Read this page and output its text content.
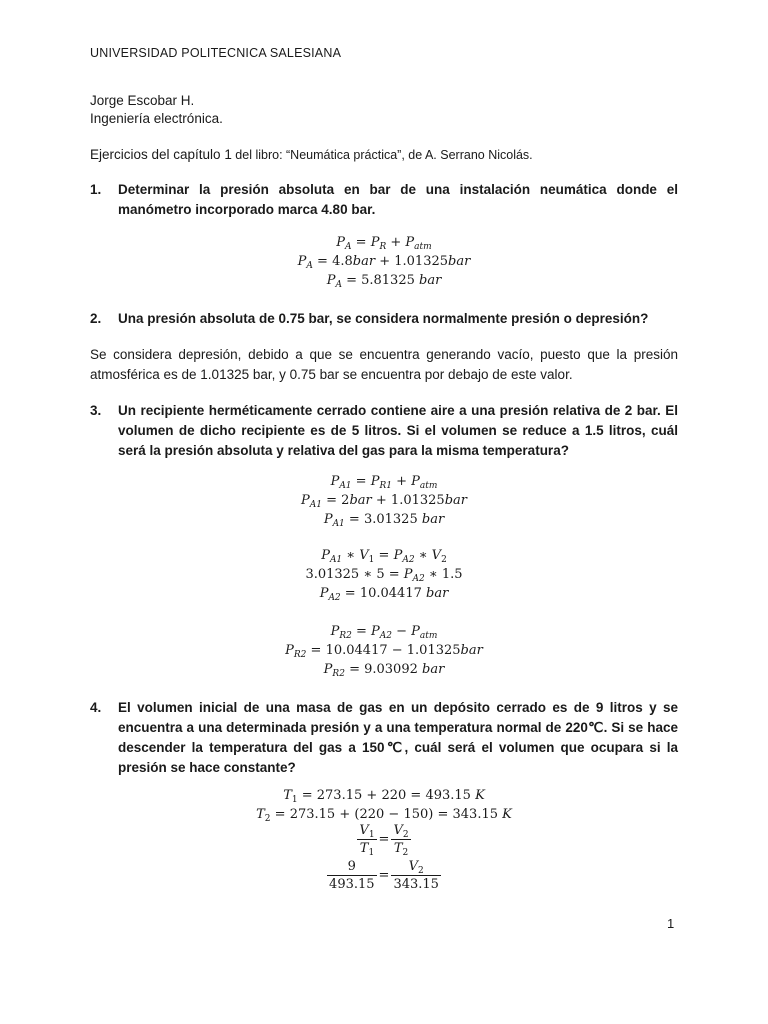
UNIVERSIDAD POLITECNICA SALESIANA
Jorge Escobar H.
Ingeniería electrónica.
Ejercicios del capítulo 1 del libro: “Neumática práctica”, de A. Serrano Nicolás.
1.	Determinar la presión absoluta en bar de una instalación neumática donde el manómetro incorporado marca 4.80 bar.
$P_A = P_R + P_{atm}$
$P_A = 4.8bar + 1.01325bar$
$P_A = 5.81325$ bar
2.	Una presión absoluta de 0.75 bar, se considera normalmente presión o depresión?
Se considera depresión, debido a que se encuentra generando vacío, puesto que la presión atmosférica es de 1.01325 bar, y 0.75 bar se encuentra por debajo de este valor.
3.	Un recipiente herméticamente cerrado contiene aire a una presión relativa de 2 bar. El volumen de dicho recipiente es de 5 litros. Si el volumen se reduce a 1.5 litros, cuál será la presión absoluta y relativa del gas para la misma temperatura?
$P_{A1} = P_{R1} + P_{atm}$
$P_{A1} = 2bar + 1.01325bar$
$P_{A1} = 3.01325$ bar
$P_{A1}$ ∗ $V_1 = P_{A2}$ ∗ $V_2$
3.01325 ∗ $5 = P_{A2}$ ∗ 1.5
$P_{A2} = 10.04417$ bar
$P_{R2} = P_{A2} - P_{atm}$
$P_{R2} = 10.04417 - 1.01325bar$
$P_{R2} = 9.03092$ bar
4.	El volumen inicial de una masa de gas en un depósito cerrado es de 9 litros y se encuentra a una determinada presión y a una temperatura normal de 220℃. Si se hace descender la temperatura del gas a 150℃, cuál será el volumen que ocupara si la presión se hace constante?
$T_1 = 273.15 + 220 = 493.15$ K
$T_2 = 273.15 + (220 - 150) = 343.15$ K
$\frac{V_1}{T_1} = \frac{V_2}{T_2}$
$\frac{9}{493.15} = \frac{V_2}{343.15}$
1
